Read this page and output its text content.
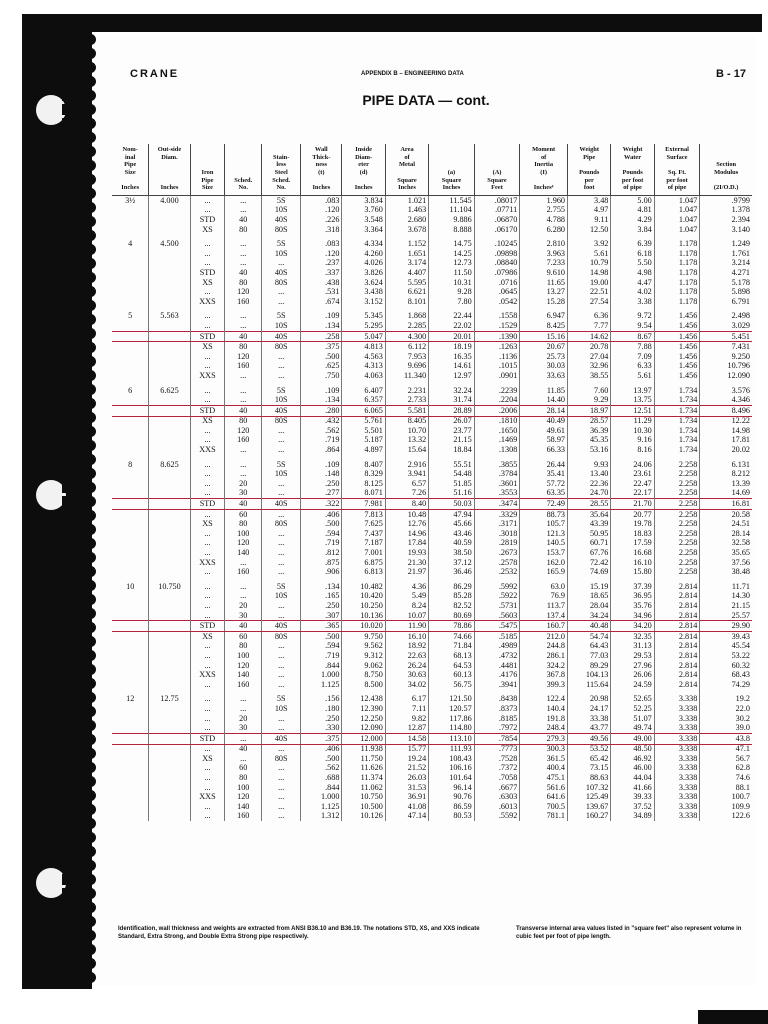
CRANE	APPENDIX B – ENGINEERING DATA	B - 17
PIPE DATA — cont.
Nom-
inal
Pipe
Size

Inches	Out-side
Diam.

Inches	Iron
Pipe
Size	Sched.
No.	Stain-
less
Steel
Sched.
No.	Wall
Thick-
ness
(t)

Inches	Inside
Diam-
eter
(d)

Inches	Area
of
Metal

Square
Inches	(a)
Square
Inches	(A)
Square
Feet	Moment
of
Inertia
(I)

Inches⁴	Weight
Pipe

Pounds
per
foot	Weight
Water

Pounds
per foot
of pipe	External
Surface

Sq. Ft.
per foot
of pipe	Section
Modulus

(2I/O.D.)
3½	4.000	...	...	5S	.083	3.834	1.021	11.545	.08017	1.960	3.48	5.00	1.047	.9799
		...	...	10S	.120	3.760	1.463	11.104	.07711	2.755	4.97	4.81	1.047	1.378
		STD	40	40S	.226	3.548	2.680	9.886	.06870	4.788	9.11	4.29	1.047	2.394
		XS	80	80S	.318	3.364	3.678	8.888	.06170	6.280	12.50	3.84	1.047	3.140

4	4.500	...	...	5S	.083	4.334	1.152	14.75	.10245	2.810	3.92	6.39	1.178	1.249
		...	...	10S	.120	4.260	1.651	14.25	.09898	3.963	5.61	6.18	1.178	1.761
		...	...	...	.237	4.026	3.174	12.73	.08840	7.233	10.79	5.50	1.178	3.214
		STD	40	40S	.337	3.826	4.407	11.50	.07986	9.610	14.98	4.98	1.178	4.271
		XS	80	80S	.438	3.624	5.595	10.31	.0716	11.65	19.00	4.47	1.178	5.178
		...	120	...	.531	3.438	6.621	9.28	.0645	13.27	22.51	4.02	1.178	5.898
		XXS	160	...	.674	3.152	8.101	7.80	.0542	15.28	27.54	3.38	1.178	6.791

5	5.563	...	...	5S	.109	5.345	1.868	22.44	.1558	6.947	6.36	9.72	1.456	2.498
		...	...	10S	.134	5.295	2.285	22.02	.1529	8.425	7.77	9.54	1.456	3.029
		STD	40	40S	.258	5.047	4.300	20.01	.1390	15.16	14.62	8.67	1.456	5.451
		XS	80	80S	.375	4.813	6.112	18.19	.1263	20.67	20.78	7.88	1.456	7.431
		...	120	...	.500	4.563	7.953	16.35	.1136	25.73	27.04	7.09	1.456	9.250
		...	160	...	.625	4.313	9.696	14.61	.1015	30.03	32.96	6.33	1.456	10.796
		XXS	...	...	.750	4.063	11.340	12.97	.0901	33.63	38.55	5.61	1.456	12.090

6	6.625	...	...	5S	.109	6.407	2.231	32.24	.2239	11.85	7.60	13.97	1.734	3.576
		...	...	10S	.134	6.357	2.733	31.74	.2204	14.40	9.29	13.75	1.734	4.346
		STD	40	40S	.280	6.065	5.581	28.89	.2006	28.14	18.97	12.51	1.734	8.496
		XS	80	80S	.432	5.761	8.405	26.07	.1810	40.49	28.57	11.29	1.734	12.22
		...	120	...	.562	5.501	10.70	23.77	.1650	49.61	36.39	10.30	1.734	14.98
		...	160	...	.719	5.187	13.32	21.15	.1469	58.97	45.35	9.16	1.734	17.81
		XXS	...	...	.864	4.897	15.64	18.84	.1308	66.33	53.16	8.16	1.734	20.02

8	8.625	...	...	5S	.109	8.407	2.916	55.51	.3855	26.44	9.93	24.06	2.258	6.131
		...	...	10S	.148	8.329	3.941	54.48	.3784	35.41	13.40	23.61	2.258	8.212
		...	20	...	.250	8.125	6.57	51.85	.3601	57.72	22.36	22.47	2.258	13.39
		...	30	...	.277	8.071	7.26	51.16	.3553	63.35	24.70	22.17	2.258	14.69
		STD	40	40S	.322	7.981	8.40	50.03	.3474	72.49	28.55	21.70	2.258	16.81
		...	60	...	.406	7.813	10.48	47.94	.3329	88.73	35.64	20.77	2.258	20.58
		XS	80	80S	.500	7.625	12.76	45.66	.3171	105.7	43.39	19.78	2.258	24.51
		...	100	...	.594	7.437	14.96	43.46	.3018	121.3	50.95	18.83	2.258	28.14
		...	120	...	.719	7.187	17.84	40.59	.2819	140.5	60.71	17.59	2.258	32.58
		...	140	...	.812	7.001	19.93	38.50	.2673	153.7	67.76	16.68	2.258	35.65
		XXS	...	...	.875	6.875	21.30	37.12	.2578	162.0	72.42	16.10	2.258	37.56
		...	160	...	.906	6.813	21.97	36.46	.2532	165.9	74.69	15.80	2.258	38.48

10	10.750	...	...	5S	.134	10.482	4.36	86.29	.5992	63.0	15.19	37.39	2.814	11.71
		...	...	10S	.165	10.420	5.49	85.28	.5922	76.9	18.65	36.95	2.814	14.30
		...	20	...	.250	10.250	8.24	82.52	.5731	113.7	28.04	35.76	2.814	21.15
		...	30	...	.307	10.136	10.07	80.69	.5603	137.4	34.24	34.96	2.814	25.57
		STD	40	40S	.365	10.020	11.90	78.86	.5475	160.7	40.48	34.20	2.814	29.90
		XS	60	80S	.500	9.750	16.10	74.66	.5185	212.0	54.74	32.35	2.814	39.43
		...	80	...	.594	9.562	18.92	71.84	.4989	244.8	64.43	31.13	2.814	45.54
		...	100	...	.719	9.312	22.63	68.13	.4732	286.1	77.03	29.53	2.814	53.22
		...	120	...	.844	9.062	26.24	64.53	.4481	324.2	89.29	27.96	2.814	60.32
		XXS	140	...	1.000	8.750	30.63	60.13	.4176	367.8	104.13	26.06	2.814	68.43
		...	160	...	1.125	8.500	34.02	56.75	.3941	399.3	115.64	24.59	2.814	74.29

12	12.75	...	...	5S	.156	12.438	6.17	121.50	.8438	122.4	20.98	52.65	3.338	19.2
		...	...	10S	.180	12.390	7.11	120.57	.8373	140.4	24.17	52.25	3.338	22.0
		...	20	...	.250	12.250	9.82	117.86	.8185	191.8	33.38	51.07	3.338	30.2
		...	30	...	.330	12.090	12.87	114.80	.7972	248.4	43.77	49.74	3.338	39.0
		STD	...	40S	.375	12.000	14.58	113.10	.7854	279.3	49.56	49.00	3.338	43.8
		...	40	...	.406	11.938	15.77	111.93	.7773	300.3	53.52	48.50	3.338	47.1
		XS	...	80S	.500	11.750	19.24	108.43	.7528	361.5	65.42	46.92	3.338	56.7
		...	60	...	.562	11.626	21.52	106.16	.7372	400.4	73.15	46.00	3.338	62.8
		...	80	...	.688	11.374	26.03	101.64	.7058	475.1	88.63	44.04	3.338	74.6
		...	100	...	.844	11.062	31.53	96.14	.6677	561.6	107.32	41.66	3.338	88.1
		XXS	120	...	1.000	10.750	36.91	90.76	.6303	641.6	125.49	39.33	3.338	100.7
		...	140	...	1.125	10.500	41.08	86.59	.6013	700.5	139.67	37.52	3.338	109.9
		...	160	...	1.312	10.126	47.14	80.53	.5592	781.1	160.27	34.89	3.338	122.6
Identification, wall thickness and weights are extracted from ANSI B36.10 and B36.19. The notations STD, XS, and XXS indicate Standard, Extra Strong, and Double Extra Strong pipe respectively.
Transverse internal area values listed in "square feet" also represent volume in cubic feet per foot of pipe length.
